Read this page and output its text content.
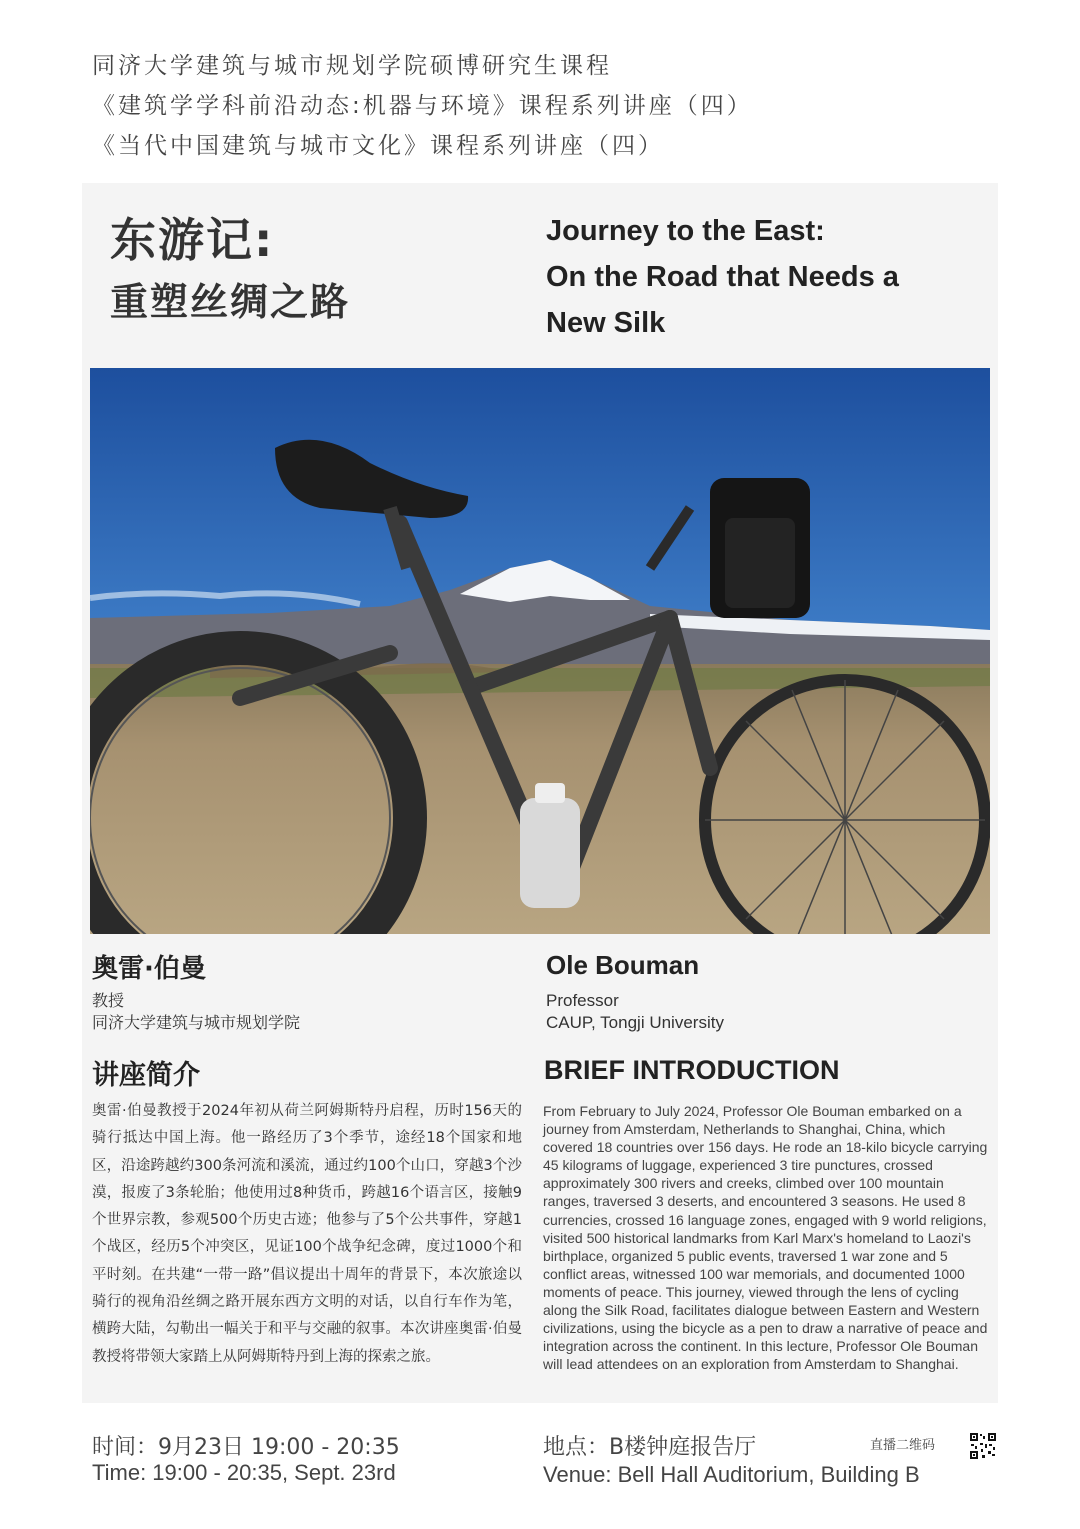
同济大学建筑与城市规划学院硕博研究生课程
《建筑学学科前沿动态:机器与环境》课程系列讲座（四）
《当代中国建筑与城市文化》课程系列讲座（四）
东游记:
重塑丝绸之路
Journey to the East:
On the Road that Needs a
New Silk
奥雷·伯曼
教授
同济大学建筑与城市规划学院
Ole Bouman
Professor
CAUP, Tongji University
讲座简介	BRIEF INTRODUCTION
奥雷·伯曼教授于2024年初从荷兰阿姆斯特丹启程，历时156天的骑行抵达中国上海。他一路经历了3个季节，途经18个国家和地区，沿途跨越约300条河流和溪流，通过约100个山口，穿越3个沙漠，报废了3条轮胎；他使用过8种货币，跨越16个语言区，接触9个世界宗教，参观500个历史古迹；他参与了5个公共事件，穿越1个战区，经历5个冲突区，见证100个战争纪念碑，度过1000个和平时刻。在共建“一带一路”倡议提出十周年的背景下，本次旅途以骑行的视角沿丝绸之路开展东西方文明的对话，以自行车作为笔，横跨大陆，勾勒出一幅关于和平与交融的叙事。本次讲座奥雷·伯曼教授将带领大家踏上从阿姆斯特丹到上海的探索之旅。
From February to July 2024, Professor Ole Bouman embarked on a journey from Amsterdam, Netherlands to Shanghai, China, which covered 18 countries over 156 days. He rode an 18-kilo bicycle carrying 45 kilograms of luggage, experienced 3 tire punctures, crossed approximately 300 rivers and creeks, climbed over 100 mountain ranges, traversed 3 deserts, and encountered 3 seasons. He used 8 currencies, crossed 16 language zones, engaged with 9 world religions, visited 500 historical landmarks from Karl Marx's homeland to Laozi's birthplace, organized 5 public events, traversed 1 war zone and 5 conflict areas, witnessed 100 war memorials, and documented 1000 moments of peace. This journey, viewed through the lens of cycling along the Silk Road, facilitates dialogue between Eastern and Western civilizations, using the bicycle as a pen to draw a narrative of peace and integration across the continent. In this lecture, Professor Ole Bouman will lead attendees on an exploration from Amsterdam to Shanghai.
时间：9月23日 19:00 - 20:35
Time: 19:00 - 20:35, Sept. 23rd
地点：B楼钟庭报告厅
Venue: Bell Hall Auditorium, Building B
直播二维码
